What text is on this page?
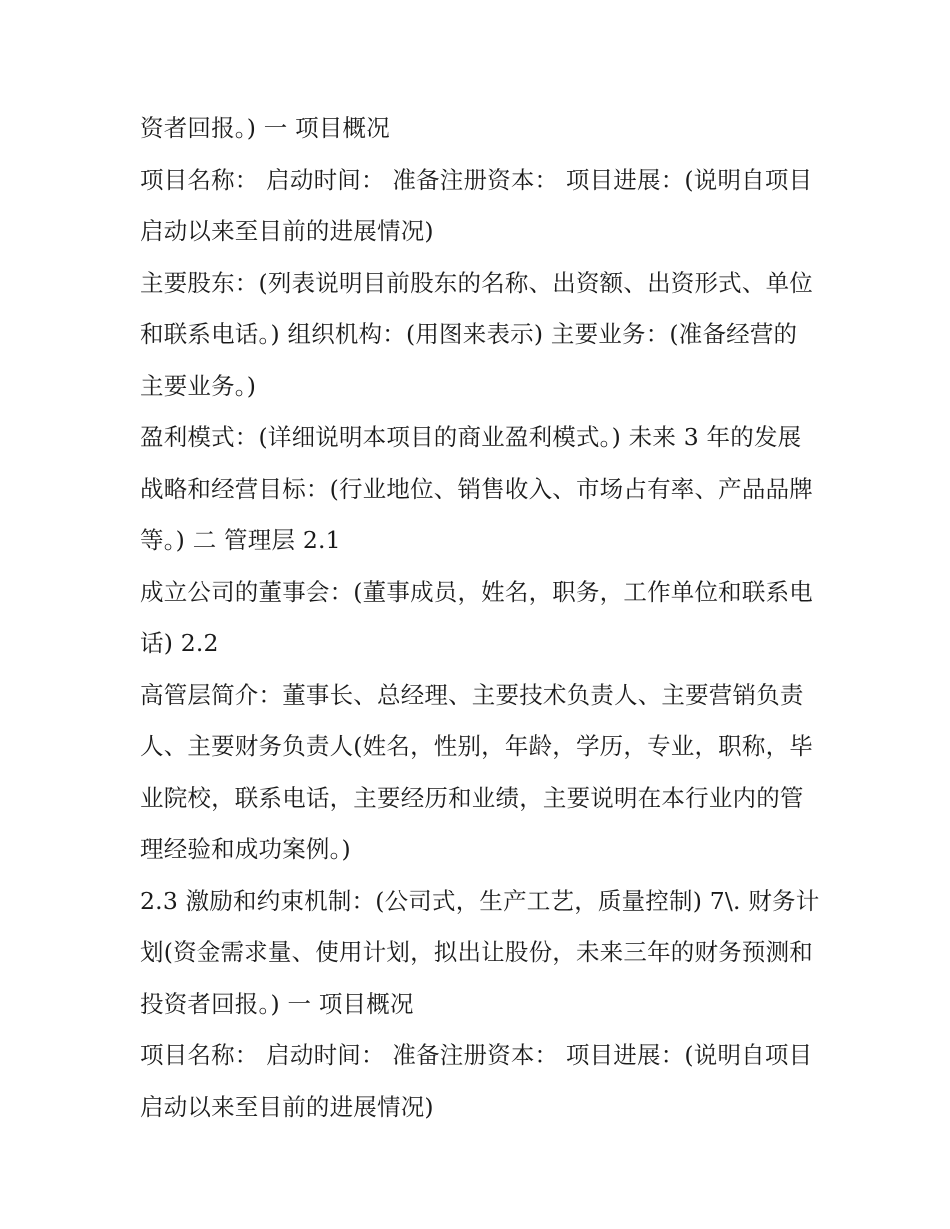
资者回报。) 一 项目概况

项目名称： 启动时间： 准备注册资本： 项目进展：(说明自项目启动以来至目前的进展情况)

主要股东：(列表说明目前股东的名称、出资额、出资形式、单位和联系电话。) 组织机构：(用图来表示) 主要业务：(准备经营的主要业务。)

盈利模式：(详细说明本项目的商业盈利模式。) 未来 3 年的发展战略和经营目标：(行业地位、销售收入、市场占有率、产品品牌等。) 二 管理层 2.1

成立公司的董事会：(董事成员，姓名，职务，工作单位和联系电话) 2.2

高管层简介：董事长、总经理、主要技术负责人、主要营销负责人、主要财务负责人(姓名，性别，年龄，学历，专业，职称，毕业院校，联系电话，主要经历和业绩，主要说明在本行业内的管理经验和成功案例。)

2.3 激励和约束机制：(公司式，生产工艺，质量控制) 7\. 财务计划(资金需求量、使用计划，拟出让股份，未来三年的财务预测和投资者回报。) 一 项目概况

项目名称： 启动时间： 准备注册资本： 项目进展：(说明自项目启动以来至目前的进展情况)
